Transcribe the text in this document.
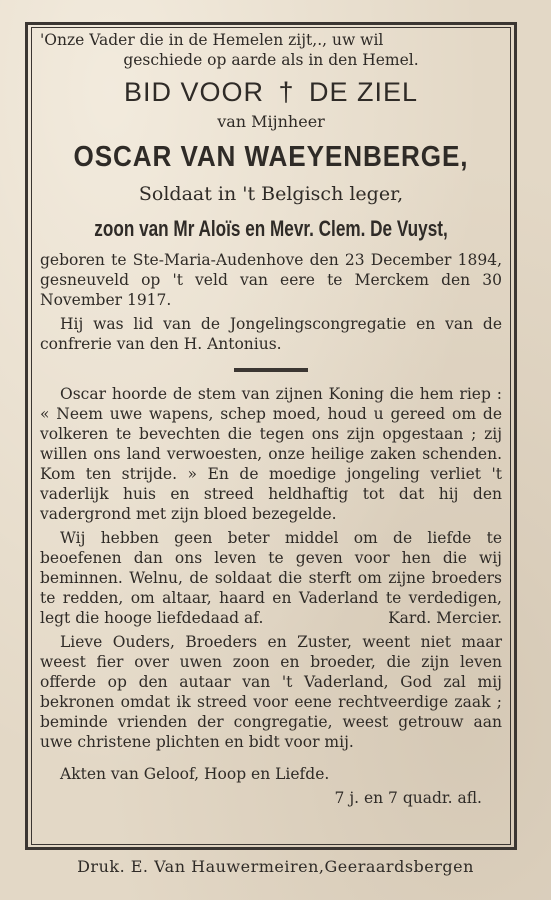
'Onze Vader die in de Hemelen zijt,., uw wil
geschiede op aarde als in den Hemel.

BID VOOR † DE ZIEL

van Mijnheer

OSCAR VAN WAEYENBERGE,

Soldaat in 't Belgisch leger,

zoon van Mr Aloïs en Mevr. Clem. De Vuyst,

geboren te Ste-Maria-Audenhove den 23 December 1894, gesneuveld op 't veld van eere te Merckem den 30 November 1917.

Hij was lid van de Jongelingscongregatie en van de confrerie van den H. Antonius.

Oscar hoorde de stem van zijnen Koning die hem riep : « Neem uwe wapens, schep moed, houd u gereed om de volkeren te bevechten die tegen ons zijn opgestaan ; zij willen ons land verwoesten, onze heilige zaken schenden. Kom ten strijde. » En de moedige jongeling verliet 't vaderlijk huis en streed heldhaftig tot dat hij den vadergrond met zijn bloed bezegelde.

Wij hebben geen beter middel om de liefde te beoefenen dan ons leven te geven voor hen die wij beminnen. Welnu, de soldaat die sterft om zijne broeders te redden, om altaar, haard en Vaderland te verdedigen, legt die hooge liefdedaad af.	Kard. Mercier.

Lieve Ouders, Broeders en Zuster, weent niet maar weest fier over uwen zoon en broeder, die zijn leven offerde op den autaar van 't Vaderland, God zal mij bekronen omdat ik streed voor eene rechtveerdige zaak ; beminde vrienden der congregatie, weest getrouw aan uwe christene plichten en bidt voor mij.

Akten van Geloof, Hoop en Liefde.

7 j. en 7 quadr. afl.

Druk. E. Van Hauwermeiren,Geeraardsbergen
